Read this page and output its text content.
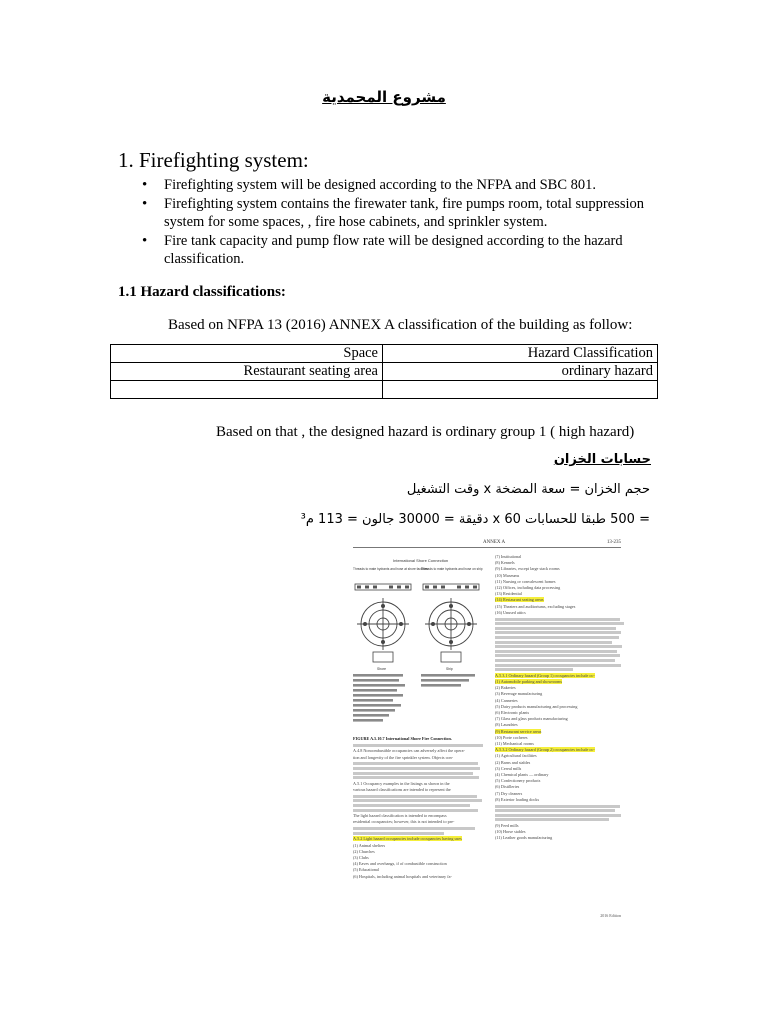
مشروع المحمدية
1. Firefighting system:
• Firefighting system will be designed according to the NFPA and SBC 801.
• Firefighting system contains the firewater tank, fire pumps room, total suppression system for some spaces, , fire hose cabinets, and sprinkler system.
• Fire tank capacity and pump flow rate will be designed according to the hazard classification.
1.1 Hazard classifications:
Based on NFPA 13 (2016) ANNEX A classification of the building as follow:
Space	Hazard Classification
Restaurant seating area	ordinary hazard

Based on that , the designed hazard is ordinary group 1 ( high hazard)
حسابات الخزان
حجم الخزان = سعة المضخة x وقت التشغيل
= 500 طبقا للحسابات x 60 دقيقة = 30000 جالون = 113 م³
ANNEX A	13-235
International Shore Connection
Threads to mate hydrants and hose at shore facilities
Threads to mate hydrants and hose on ship
Shore	Ship
FIGURE A.5.10.7 International Shore Fire Connection.
A.4.8 Noncombustible occupancies can adversely affect the opera-
tion and longevity of the fire sprinkler system. Objects con-
A.5.1 Occupancy examples in the listings as shown in the
various hazard classifications are intended to represent the
The light hazard classification is intended to encompass
residential occupancies; however, this is not intended to pre-
A.5.2 Light hazard occupancies include occupancies having uses
(1) Animal shelters
(2) Churches
(3) Clubs
(4) Eaves and overhangs, if of combustible construction
(5) Educational
(6) Hospitals, including animal hospitals and veterinary fa-
(7) Institutional
(8) Kennels
(9) Libraries, except large stack rooms
(10) Museums
(11) Nursing or convalescent homes
(12) Offices, including data processing
(13) Residential
(14) Restaurant seating areas
(15) Theaters and auditoriums, excluding stages
(16) Unused attics
A.5.3.1 Ordinary hazard (Group 1) occupancies include oc-
(1) Automobile parking and showrooms
(2) Bakeries
(3) Beverage manufacturing
(4) Canneries
(5) Dairy products manufacturing and processing
(6) Electronic plants
(7) Glass and glass products manufacturing
(8) Laundries
(9) Restaurant service areas
(10) Porte cocheres
(11) Mechanical rooms
A.5.3.2 Ordinary hazard (Group 2) occupancies include oc-
(1) Agricultural facilities
(2) Barns and stables
(3) Cereal mills
(4) Chemical plants — ordinary
(5) Confectionery products
(6) Distilleries
(7) Dry cleaners
(8) Exterior loading docks
(9) Feed mills
(10) Horse stables
(11) Leather goods manufacturing
2016 Edition
